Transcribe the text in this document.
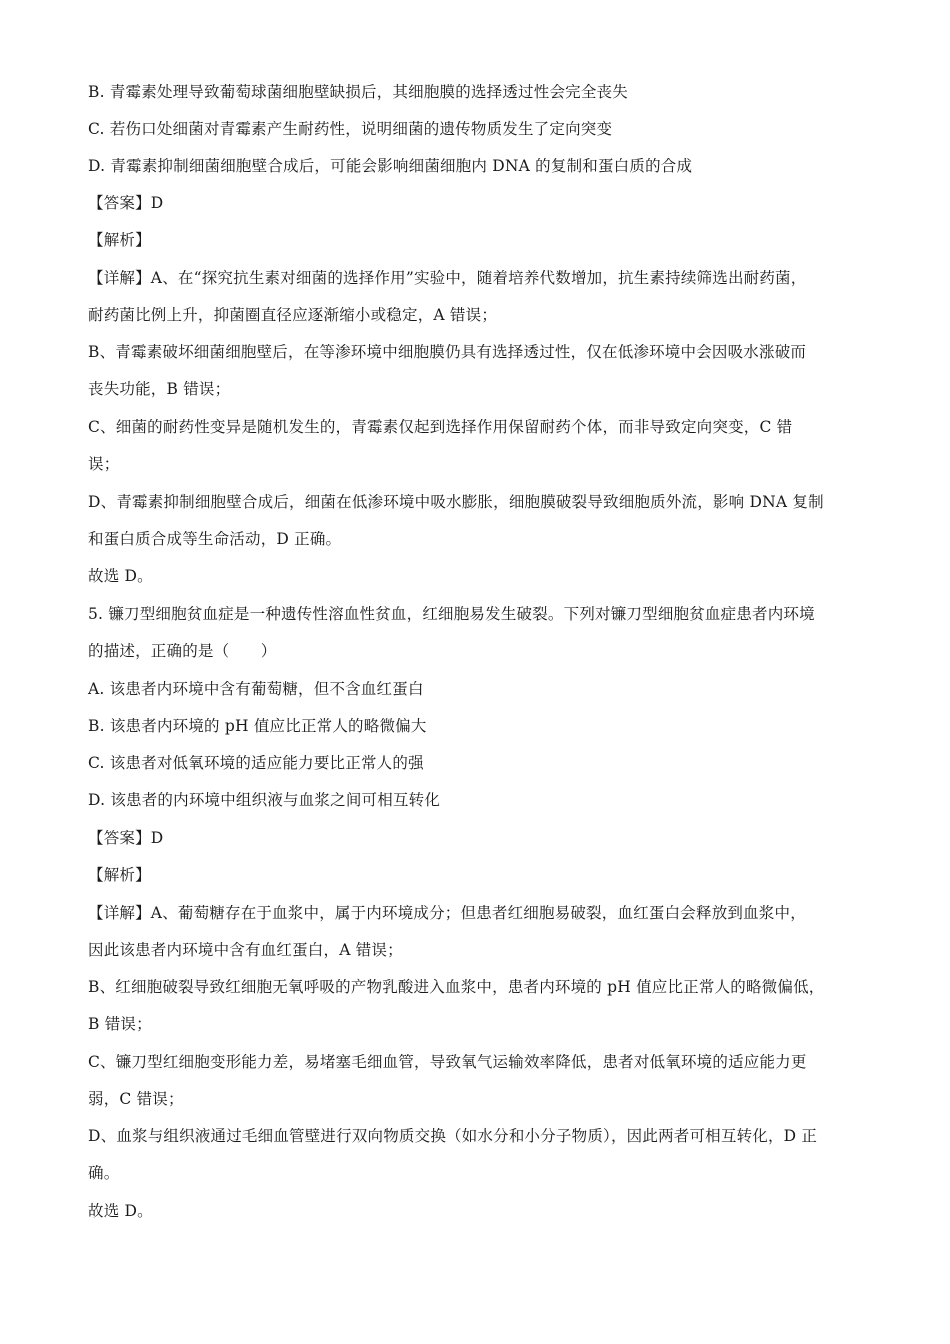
B. 青霉素处理导致葡萄球菌细胞壁缺损后，其细胞膜的选择透过性会完全丧失
C. 若伤口处细菌对青霉素产生耐药性，说明细菌的遗传物质发生了定向突变
D. 青霉素抑制细菌细胞壁合成后，可能会影响细菌细胞内 DNA 的复制和蛋白质的合成
【答案】D
【解析】
【详解】A、在“探究抗生素对细菌的选择作用”实验中，随着培养代数增加，抗生素持续筛选出耐药菌，
耐药菌比例上升，抑菌圈直径应逐渐缩小或稳定，A 错误；
B、青霉素破坏细菌细胞壁后，在等渗环境中细胞膜仍具有选择透过性，仅在低渗环境中会因吸水涨破而
丧失功能，B 错误；
C、细菌的耐药性变异是随机发生的，青霉素仅起到选择作用保留耐药个体，而非导致定向突变，C 错
误；
D、青霉素抑制细胞壁合成后，细菌在低渗环境中吸水膨胀，细胞膜破裂导致细胞质外流，影响 DNA 复制
和蛋白质合成等生命活动，D 正确。
故选 D。
5. 镰刀型细胞贫血症是一种遗传性溶血性贫血，红细胞易发生破裂。下列对镰刀型细胞贫血症患者内环境
的描述，正确的是（　　）
A. 该患者内环境中含有葡萄糖，但不含血红蛋白
B. 该患者内环境的 pH 值应比正常人的略微偏大
C. 该患者对低氧环境的适应能力要比正常人的强
D. 该患者的内环境中组织液与血浆之间可相互转化
【答案】D
【解析】
【详解】A、葡萄糖存在于血浆中，属于内环境成分；但患者红细胞易破裂，血红蛋白会释放到血浆中，
因此该患者内环境中含有血红蛋白，A 错误；
B、红细胞破裂导致红细胞无氧呼吸的产物乳酸进入血浆中，患者内环境的 pH 值应比正常人的略微偏低，
B 错误；
C、镰刀型红细胞变形能力差，易堵塞毛细血管，导致氧气运输效率降低，患者对低氧环境的适应能力更
弱，C 错误；
D、血浆与组织液通过毛细血管壁进行双向物质交换（如水分和小分子物质），因此两者可相互转化，D 正
确。
故选 D。
